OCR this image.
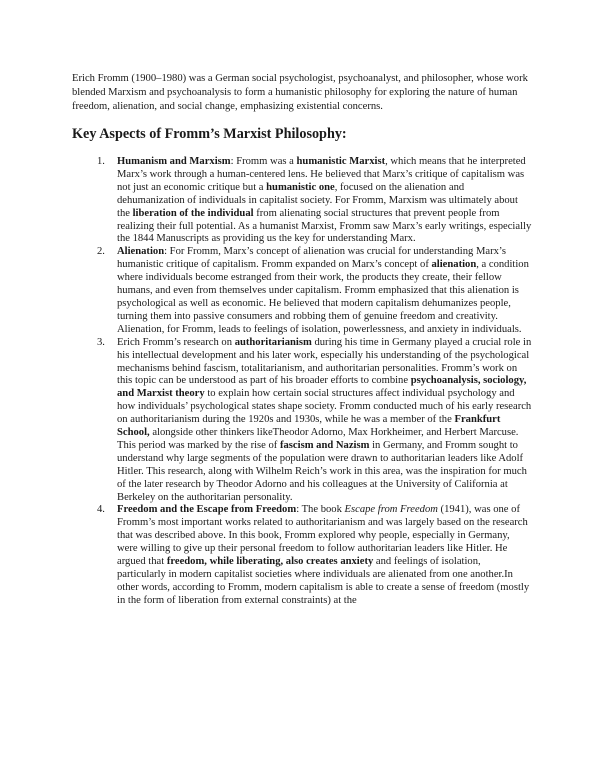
Erich Fromm (1900–1980) was a German social psychologist, psychoanalyst, and philosopher, whose work blended Marxism and psychoanalysis to form a humanistic philosophy for exploring the nature of human freedom, alienation, and social change, emphasizing existential concerns.

Key Aspects of Fromm’s Marxist Philosophy:
1. Humanism and Marxism: Fromm was a humanistic Marxist, which means that he interpreted Marx’s work through a human-centered lens. He believed that Marx’s critique of capitalism was not just an economic critique but a humanistic one, focused on the alienation and dehumanization of individuals in capitalist society. For Fromm, Marxism was ultimately about the liberation of the individual from alienating social structures that prevent people from realizing their full potential. As a humanist Marxist, Fromm saw Marx’s early writings, especially the 1844 Manuscripts as providing us the key for understanding Marx.
2. Alienation: For Fromm, Marx’s concept of alienation was crucial for understanding Marx’s humanistic critique of capitalism. Fromm expanded on Marx’s concept of alienation, a condition where individuals become estranged from their work, the products they create, their fellow humans, and even from themselves under capitalism. Fromm emphasized that this alienation is psychological as well as economic. He believed that modern capitalism dehumanizes people, turning them into passive consumers and robbing them of genuine freedom and creativity. Alienation, for Fromm, leads to feelings of isolation, powerlessness, and anxiety in individuals.
3. Erich Fromm’s research on authoritarianism during his time in Germany played a crucial role in his intellectual development and his later work, especially his understanding of the psychological mechanisms behind fascism, totalitarianism, and authoritarian personalities. Fromm’s work on this topic can be understood as part of his broader efforts to combine psychoanalysis, sociology, and Marxist theory to explain how certain social structures affect individual psychology and how individuals’ psychological states shape society. Fromm conducted much of his early research on authoritarianism during the 1920s and 1930s, while he was a member of the Frankfurt School, alongside other thinkers likeTheodor Adorno, Max Horkheimer, and Herbert Marcuse. This period was marked by the rise of fascism and Nazism in Germany, and Fromm sought to understand why large segments of the population were drawn to authoritarian leaders like Adolf Hitler. This research, along with Wilhelm Reich’s work in this area, was the inspiration for much of the later research by Theodor Adorno and his colleagues at the University of California at Berkeley on the authoritarian personality.
4. Freedom and the Escape from Freedom: The book Escape from Freedom (1941), was one of Fromm’s most important works related to authoritarianism and was largely based on the research that was described above. In this book, Fromm explored why people, especially in Germany, were willing to give up their personal freedom to follow authoritarian leaders like Hitler. He argued that freedom, while liberating, also creates anxiety and feelings of isolation, particularly in modern capitalist societies where individuals are alienated from one another.In other words, according to Fromm, modern capitalism is able to create a sense of freedom (mostly in the form of liberation from external constraints) at the
